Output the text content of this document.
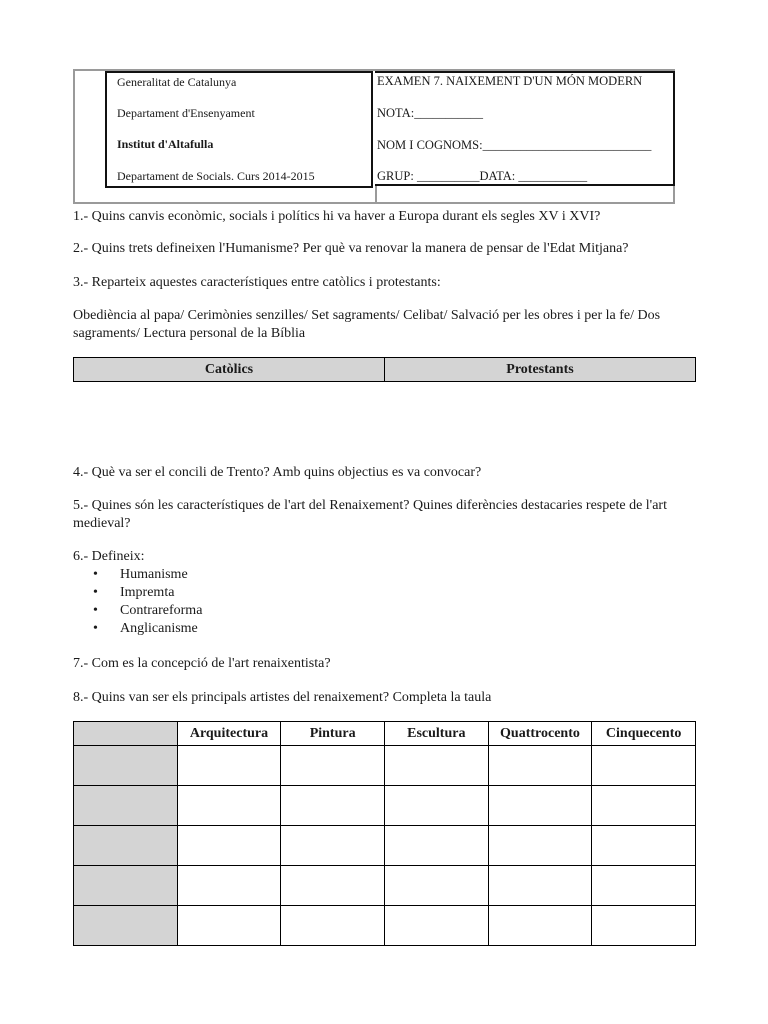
Generalitat de Catalunya
Departament d'Ensenyament
Institut d'Altafulla
Departament de Socials. Curs 2014-2015
EXAMEN 7. NAIXEMENT D'UN MÓN MODERN
NOTA:___________
NOM I COGNOMS:___________________________
GRUP: __________DATA: ___________
1.- Quins canvis econòmic, socials i polítics hi va haver a Europa durant els segles XV i XVI?
2.- Quins trets defineixen l'Humanisme? Per què va renovar la manera de pensar de l'Edat Mitjana?
3.- Reparteix aquestes característiques entre catòlics i protestants:
Obediència al papa/ Cerimònies senzilles/ Set sagraments/ Celibat/ Salvació per les obres i per la fe/ Dos sagraments/ Lectura personal de la Bíblia
Catòlics	Protestants
4.- Què va ser el concili de Trento? Amb quins objectius es va convocar?
5.- Quines són les característiques de l'art del Renaixement? Quines diferències destacaries respete de l'art medieval?
6.- Defineix:
• Humanisme
• Impremta
• Contrareforma
• Anglicanisme
7.- Com es la concepció de l'art renaixentista?
8.- Quins van ser els principals artistes del renaixement? Completa la taula
	Arquitectura	Pintura	Escultura	Quattrocento	Cinquecento
